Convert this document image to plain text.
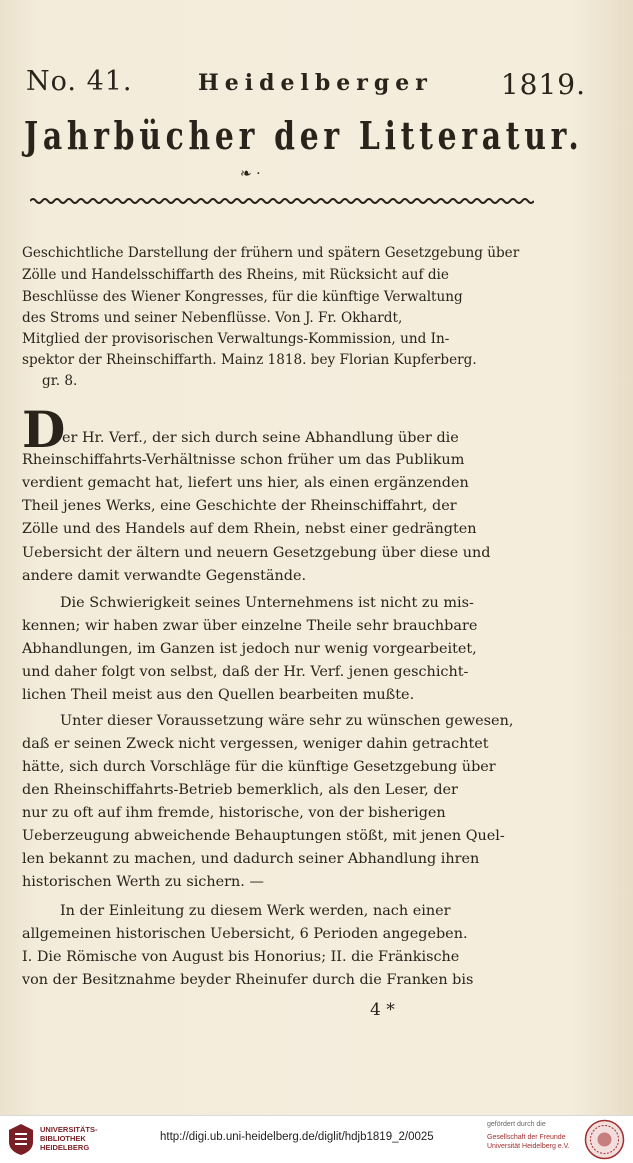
No. 41.	Heidelberger 1819.
Jahrbücher der Litteratur.
❧ ·
Geschichtliche Darstellung der frühern und spätern Gesetzgebung über
Zölle und Handelsschiffarth des Rheins, mit Rücksicht auf die
Beschlüsse des Wiener Kongresses, für die künftige Verwaltung
des Stroms und seiner Nebenflüsse. Von J. Fr. Okhardt,
Mitglied der provisorischen Verwaltungs-Kommission, und In-
spektor der Rheinschiffarth. Mainz 1818. bey Florian Kupferberg.
gr. 8.
D
er Hr. Verf., der sich durch seine Abhandlung über die
Rheinschiffahrts-Verhältnisse schon früher um das Publikum
verdient gemacht hat, liefert uns hier, als einen ergänzenden
Theil jenes Werks, eine Geschichte der Rheinschiffahrt, der
Zölle und des Handels auf dem Rhein, nebst einer gedrängten
Uebersicht der ältern und neuern Gesetzgebung über diese und
andere damit verwandte Gegenstände.
Die Schwierigkeit seines Unternehmens ist nicht zu mis-
kennen; wir haben zwar über einzelne Theile sehr brauchbare
Abhandlungen, im Ganzen ist jedoch nur wenig vorgearbeitet,
und daher folgt von selbst, daß der Hr. Verf. jenen geschicht-
lichen Theil meist aus den Quellen bearbeiten mußte.
Unter dieser Voraussetzung wäre sehr zu wünschen gewesen,
daß er seinen Zweck nicht vergessen, weniger dahin getrachtet
hätte, sich durch Vorschläge für die künftige Gesetzgebung über
den Rheinschiffahrts-Betrieb bemerklich, als den Leser, der
nur zu oft auf ihm fremde, historische, von der bisherigen
Ueberzeugung abweichende Behauptungen stößt, mit jenen Quel-
len bekannt zu machen, und dadurch seiner Abhandlung ihren
historischen Werth zu sichern. —
In der Einleitung zu diesem Werk werden, nach einer
allgemeinen historischen Uebersicht, 6 Perioden angegeben.
I. Die Römische von August bis Honorius; II. die Fränkische
von der Besitznahme beyder Rheinufer durch die Franken bis
4 *
UNIVERSITÄTS-
BIBLIOTHEK
HEIDELBERG
http://digi.ub.uni-heidelberg.de/diglit/hdjb1819_2/0025
gefördert durch die
Gesellschaft der Freunde Universität Heidelberg e.V.
